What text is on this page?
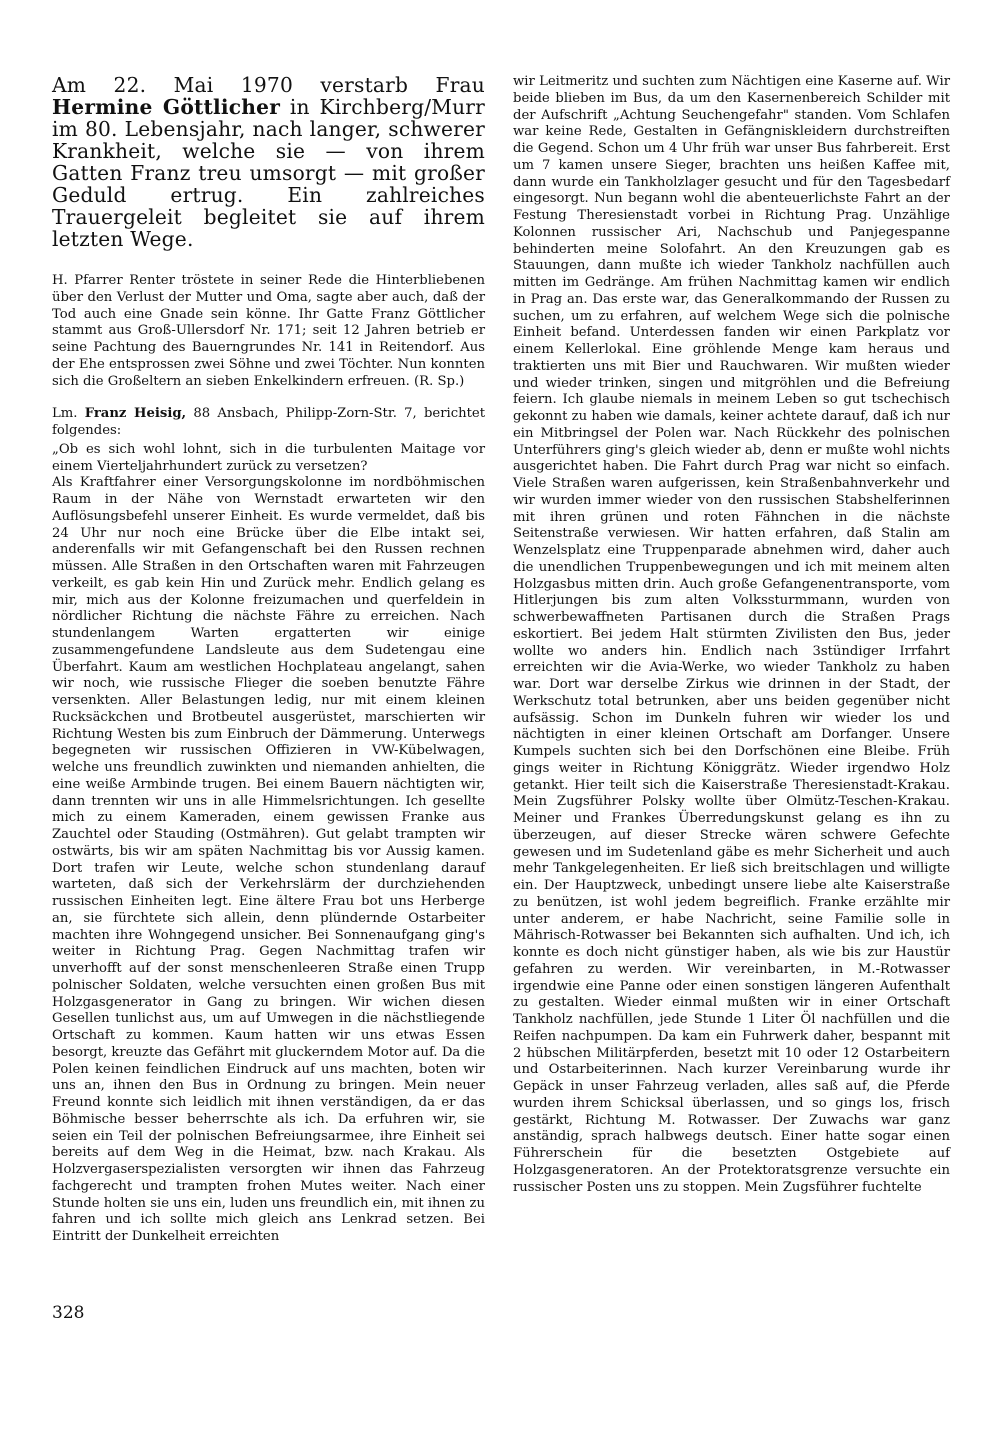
Am 22. Mai 1970 verstarb Frau Hermine Göttlicher in Kirchberg/Murr im 80. Lebensjahr, nach langer, schwerer Krankheit, welche sie — von ihrem Gatten Franz treu umsorgt — mit großer Geduld ertrug. Ein zahlreiches Trauergeleit begleitet sie auf ihrem letzten Wege.

H. Pfarrer Renter tröstete in seiner Rede die Hinterbliebenen über den Verlust der Mutter und Oma, sagte aber auch, daß der Tod auch eine Gnade sein könne. Ihr Gatte Franz Göttlicher stammt aus Groß-Ullersdorf Nr. 171; seit 12 Jahren betrieb er seine Pachtung des Bauerngrundes Nr. 141 in Reitendorf. Aus der Ehe entsprossen zwei Söhne und zwei Töchter. Nun konnten sich die Großeltern an sieben Enkelkindern erfreuen. (R. Sp.)

Lm. Franz Heisig, 88 Ansbach, Philipp-Zorn-Str. 7, berichtet folgendes:

„Ob es sich wohl lohnt, sich in die turbulenten Maitage vor einem Vierteljahrhundert zurück zu versetzen?

Als Kraftfahrer einer Versorgungskolonne im nordböhmischen Raum in der Nähe von Wernstadt erwarteten wir den Auflösungsbefehl unserer Einheit. Es wurde vermeldet, daß bis 24 Uhr nur noch eine Brücke über die Elbe intakt sei, anderenfalls wir mit Gefangenschaft bei den Russen rechnen müssen. Alle Straßen in den Ortschaften waren mit Fahrzeugen verkeilt, es gab kein Hin und Zurück mehr. Endlich gelang es mir, mich aus der Kolonne freizumachen und querfeldein in nördlicher Richtung die nächste Fähre zu erreichen. Nach stundenlangem Warten ergatterten wir einige zusammengefundene Landsleute aus dem Sudetengau eine Überfahrt. Kaum am westlichen Hochplateau angelangt, sahen wir noch, wie russische Flieger die soeben benutzte Fähre versenkten. Aller Belastungen ledig, nur mit einem kleinen Rucksäckchen und Brotbeutel ausgerüstet, marschierten wir Richtung Westen bis zum Einbruch der Dämmerung. Unterwegs begegneten wir russischen Offizieren in VW-Kübelwagen, welche uns freundlich zuwinkten und niemanden anhielten, die eine weiße Armbinde trugen. Bei einem Bauern nächtigten wir, dann trennten wir uns in alle Himmelsrichtungen. Ich gesellte mich zu einem Kameraden, einem gewissen Franke aus Zauchtel oder Stauding (Ostmähren). Gut gelabt trampten wir ostwärts, bis wir am späten Nachmittag bis vor Aussig kamen. Dort trafen wir Leute, welche schon stundenlang darauf warteten, daß sich der Verkehrslärm der durchziehenden russischen Einheiten legt. Eine ältere Frau bot uns Herberge an, sie fürchtete sich allein, denn plündernde Ostarbeiter machten ihre Wohngegend unsicher. Bei Sonnenaufgang ging's weiter in Richtung Prag. Gegen Nachmittag trafen wir unverhofft auf der sonst menschenleeren Straße einen Trupp polnischer Soldaten, welche versuchten einen großen Bus mit Holzgasgenerator in Gang zu bringen. Wir wichen diesen Gesellen tunlichst aus, um auf Umwegen in die nächstliegende Ortschaft zu kommen. Kaum hatten wir uns etwas Essen besorgt, kreuzte das Gefährt mit gluckerndem Motor auf. Da die Polen keinen feindlichen Eindruck auf uns machten, boten wir uns an, ihnen den Bus in Ordnung zu bringen. Mein neuer Freund konnte sich leidlich mit ihnen verständigen, da er das Böhmische besser beherrschte als ich. Da erfuhren wir, sie seien ein Teil der polnischen Befreiungsarmee, ihre Einheit sei bereits auf dem Weg in die Heimat, bzw. nach Krakau. Als Holzvergaserspezialisten versorgten wir ihnen das Fahrzeug fachgerecht und trampten frohen Mutes weiter. Nach einer Stunde holten sie uns ein, luden uns freundlich ein, mit ihnen zu fahren und ich sollte mich gleich ans Lenkrad setzen. Bei Eintritt der Dunkelheit erreichten

wir Leitmeritz und suchten zum Nächtigen eine Kaserne auf. Wir beide blieben im Bus, da um den Kasernenbereich Schilder mit der Aufschrift „Achtung Seuchengefahr" standen. Vom Schlafen war keine Rede, Gestalten in Gefängniskleidern durchstreiften die Gegend. Schon um 4 Uhr früh war unser Bus fahrbereit. Erst um 7 kamen unsere Sieger, brachten uns heißen Kaffee mit, dann wurde ein Tankholzlager gesucht und für den Tagesbedarf eingesorgt. Nun begann wohl die abenteuerlichste Fahrt an der Festung Theresienstadt vorbei in Richtung Prag. Unzählige Kolonnen russischer Ari, Nachschub und Panjegespanne behinderten meine Solofahrt. An den Kreuzungen gab es Stauungen, dann mußte ich wieder Tankholz nachfüllen auch mitten im Gedränge. Am frühen Nachmittag kamen wir endlich in Prag an. Das erste war, das Generalkommando der Russen zu suchen, um zu erfahren, auf welchem Wege sich die polnische Einheit befand. Unterdessen fanden wir einen Parkplatz vor einem Kellerlokal. Eine gröhlende Menge kam heraus und traktierten uns mit Bier und Rauchwaren. Wir mußten wieder und wieder trinken, singen und mitgröhlen und die Befreiung feiern. Ich glaube niemals in meinem Leben so gut tschechisch gekonnt zu haben wie damals, keiner achtete darauf, daß ich nur ein Mitbringsel der Polen war. Nach Rückkehr des polnischen Unterführers ging's gleich wieder ab, denn er mußte wohl nichts ausgerichtet haben. Die Fahrt durch Prag war nicht so einfach. Viele Straßen waren aufgerissen, kein Straßenbahnverkehr und wir wurden immer wieder von den russischen Stabshelferinnen mit ihren grünen und roten Fähnchen in die nächste Seitenstraße verwiesen. Wir hatten erfahren, daß Stalin am Wenzelsplatz eine Truppenparade abnehmen wird, daher auch die unendlichen Truppenbewegungen und ich mit meinem alten Holzgasbus mitten drin. Auch große Gefangenentransporte, vom Hitlerjungen bis zum alten Volkssturmmann, wurden von schwerbewaffneten Partisanen durch die Straßen Prags eskortiert. Bei jedem Halt stürmten Zivilisten den Bus, jeder wollte wo anders hin. Endlich nach 3stündiger Irrfahrt erreichten wir die Avia-Werke, wo wieder Tankholz zu haben war. Dort war derselbe Zirkus wie drinnen in der Stadt, der Werkschutz total betrunken, aber uns beiden gegenüber nicht aufsässig. Schon im Dunkeln fuhren wir wieder los und nächtigten in einer kleinen Ortschaft am Dorfanger. Unsere Kumpels suchten sich bei den Dorfschönen eine Bleibe. Früh gings weiter in Richtung Königgrätz. Wieder irgendwo Holz getankt. Hier teilt sich die Kaiserstraße Theresienstadt-Krakau. Mein Zugsführer Polsky wollte über Olmütz-Teschen-Krakau. Meiner und Frankes Überredungskunst gelang es ihn zu überzeugen, auf dieser Strecke wären schwere Gefechte gewesen und im Sudetenland gäbe es mehr Sicherheit und auch mehr Tankgelegenheiten. Er ließ sich breitschlagen und willigte ein. Der Hauptzweck, unbedingt unsere liebe alte Kaiserstraße zu benützen, ist wohl jedem begreiflich. Franke erzählte mir unter anderem, er habe Nachricht, seine Familie solle in Mährisch-Rotwasser bei Bekannten sich aufhalten. Und ich, ich konnte es doch nicht günstiger haben, als wie bis zur Haustür gefahren zu werden. Wir vereinbarten, in M.-Rotwasser irgendwie eine Panne oder einen sonstigen längeren Aufenthalt zu gestalten. Wieder einmal mußten wir in einer Ortschaft Tankholz nachfüllen, jede Stunde 1 Liter Öl nachfüllen und die Reifen nachpumpen. Da kam ein Fuhrwerk daher, bespannt mit 2 hübschen Militärpferden, besetzt mit 10 oder 12 Ostarbeitern und Ostarbeiterinnen. Nach kurzer Vereinbarung wurde ihr Gepäck in unser Fahrzeug verladen, alles saß auf, die Pferde wurden ihrem Schicksal überlassen, und so gings los, frisch gestärkt, Richtung M. Rotwasser. Der Zuwachs war ganz anständig, sprach halbwegs deutsch. Einer hatte sogar einen Führerschein für die besetzten Ostgebiete auf Holzgasgeneratoren. An der Protektoratsgrenze versuchte ein russischer Posten uns zu stoppen. Mein Zugsführer fuchtelte

328
